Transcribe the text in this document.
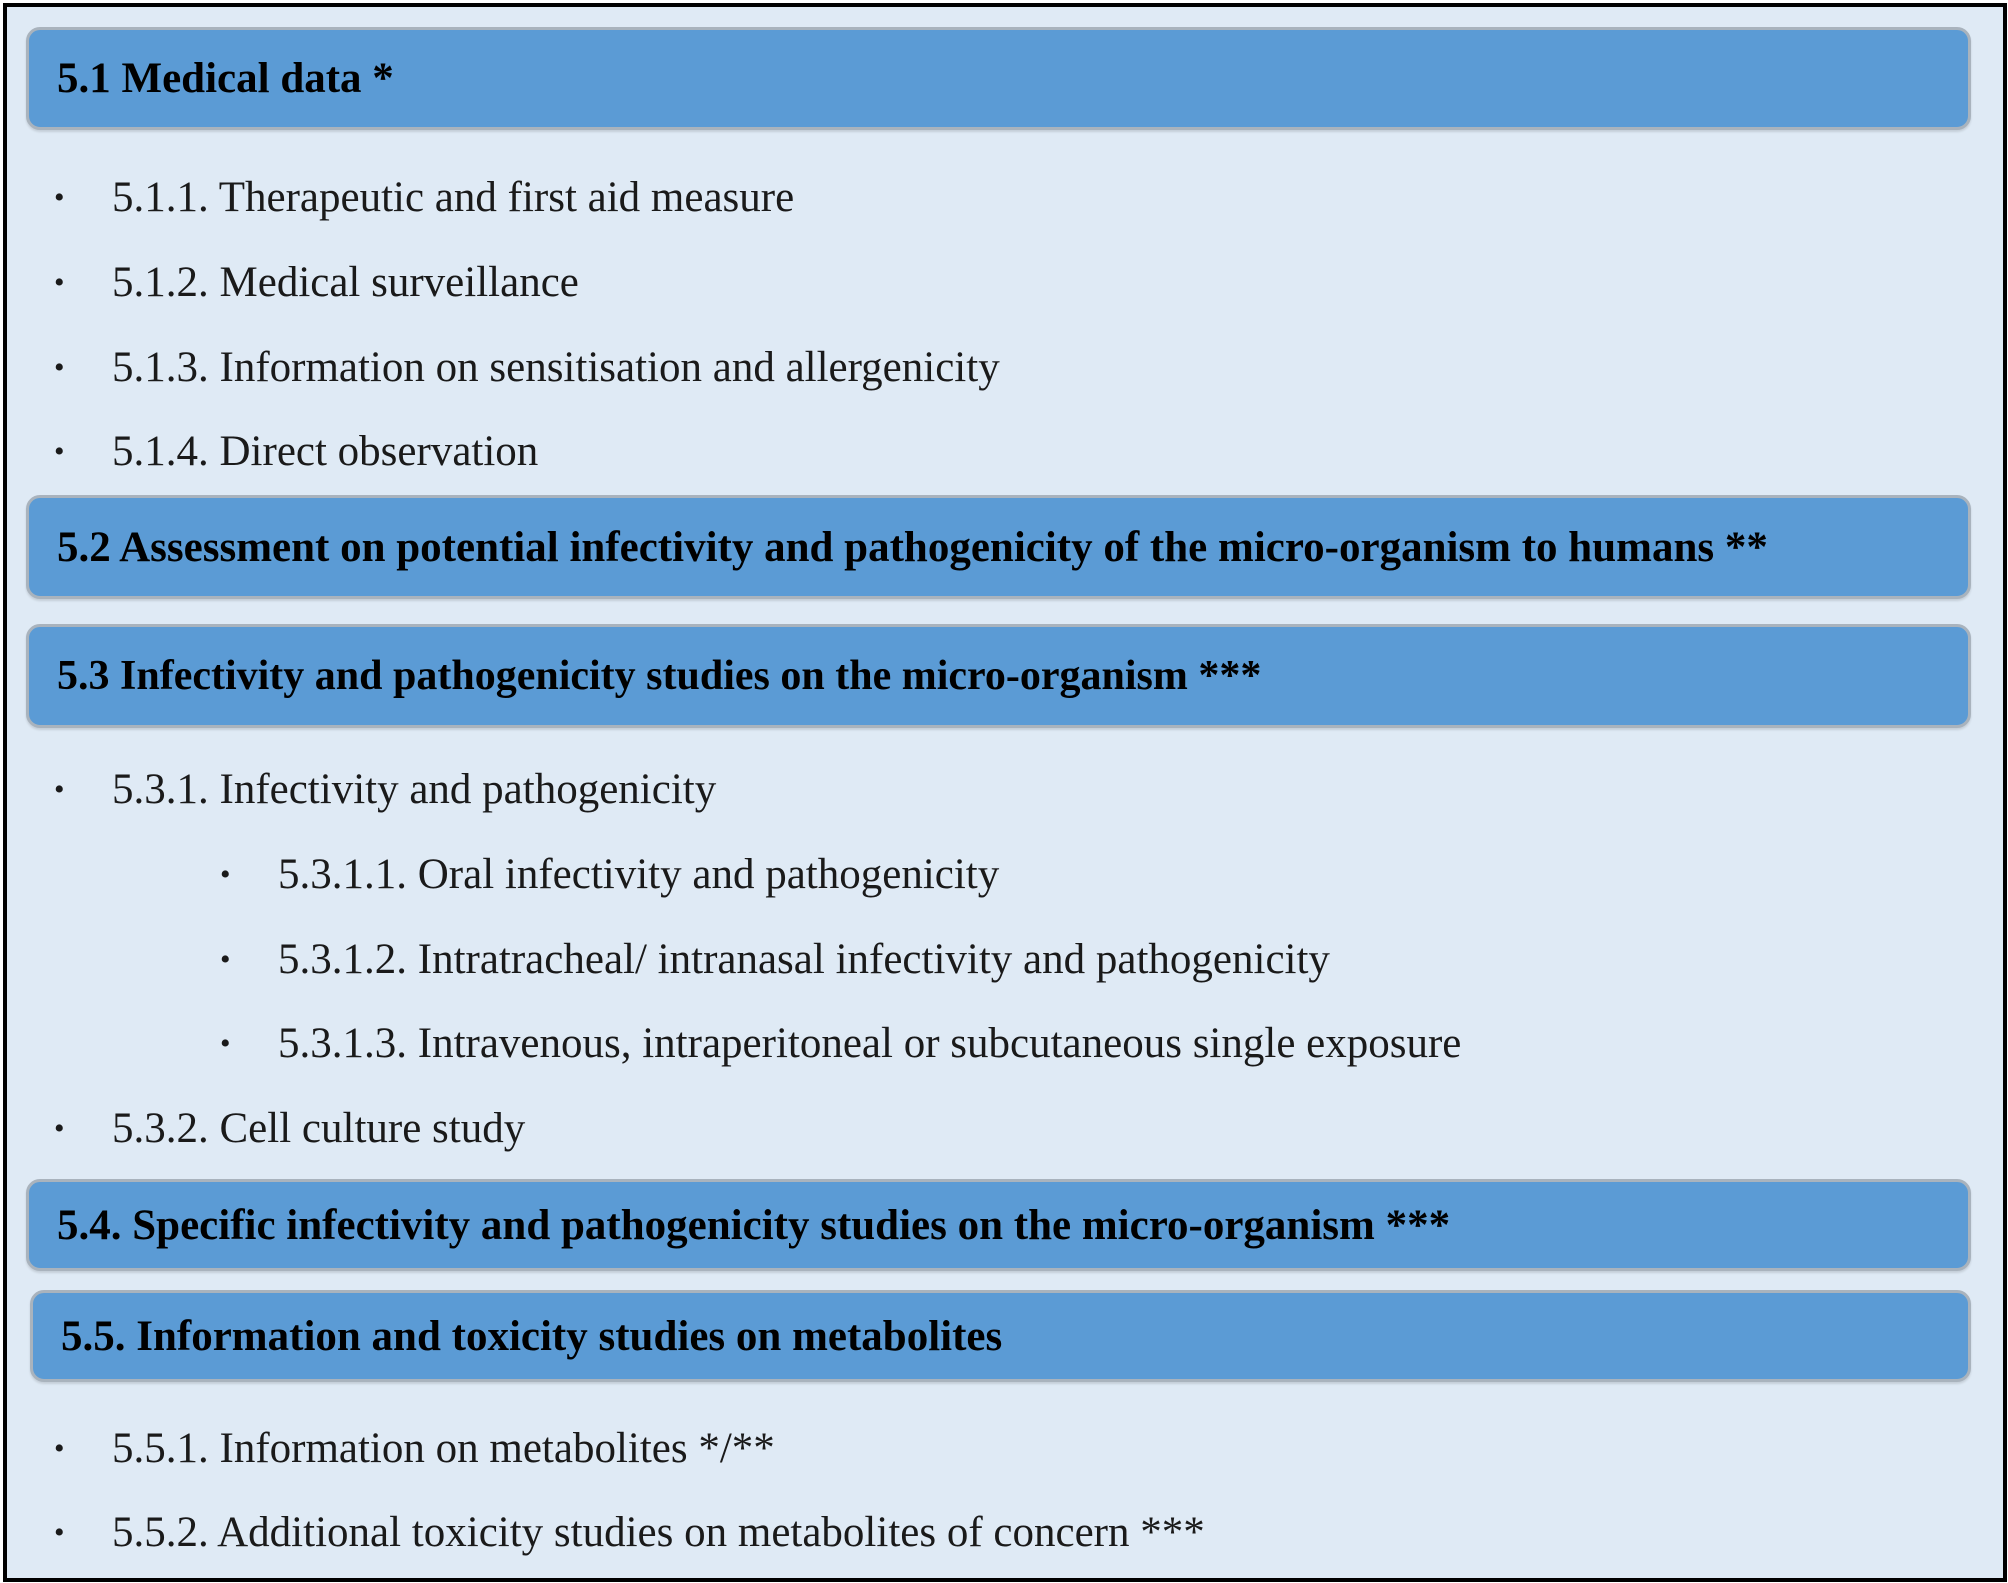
5.1 Medical data *
• 5.1.1. Therapeutic and first aid measure
• 5.1.2. Medical surveillance
• 5.1.3. Information on sensitisation and allergenicity
• 5.1.4. Direct observation
5.2 Assessment on potential infectivity and pathogenicity of the micro-organism to humans **
5.3 Infectivity and pathogenicity studies on the micro-organism ***
• 5.3.1. Infectivity and pathogenicity
• 5.3.1.1. Oral infectivity and pathogenicity
• 5.3.1.2. Intratracheal/ intranasal infectivity and pathogenicity
• 5.3.1.3. Intravenous, intraperitoneal or subcutaneous single exposure
• 5.3.2. Cell culture study
5.4. Specific infectivity and pathogenicity studies on the micro-organism ***
5.5. Information and toxicity studies on metabolites
• 5.5.1. Information on metabolites */**
• 5.5.2. Additional toxicity studies on metabolites of concern ***
